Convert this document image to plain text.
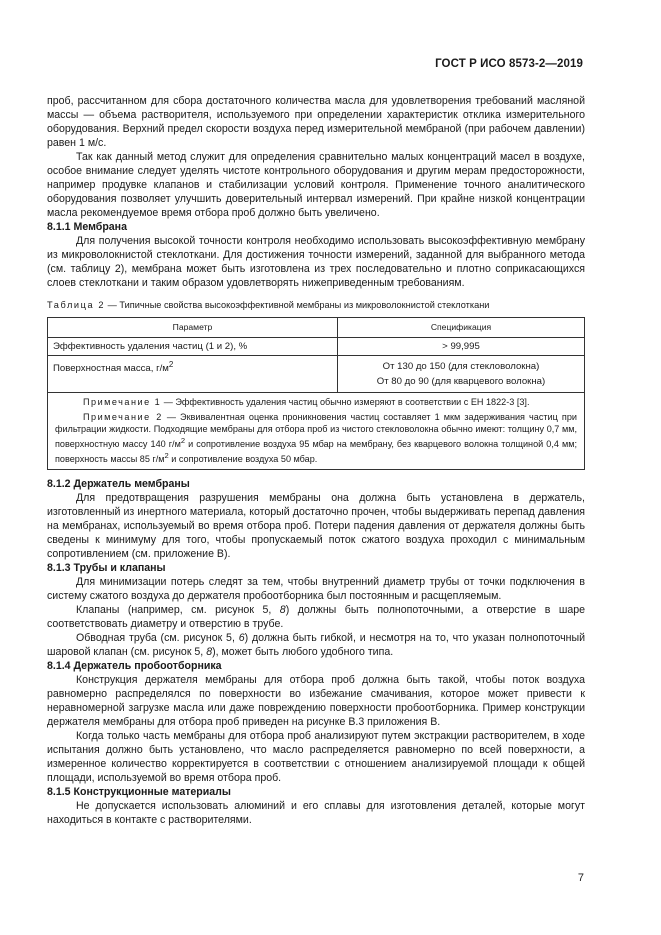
ГОСТ Р ИСО 8573-2—2019

проб, рассчитанном для сбора достаточного количества масла для удовлетворения требований масляной массы — объема растворителя, используемого при определении характеристик отклика измерительного оборудования. Верхний предел скорости воздуха перед измерительной мембраной (при рабочем давлении) равен 1 м/с.

Так как данный метод служит для определения сравнительно малых концентраций масел в воздухе, особое внимание следует уделять чистоте контрольного оборудования и другим мерам предосторожности, например продувке клапанов и стабилизации условий контроля. Применение точного аналитического оборудования позволяет улучшить доверительный интервал измерений. При крайне низкой концентрации масла рекомендуемое время отбора проб должно быть увеличено.

8.1.1 Мембрана

Для получения высокой точности контроля необходимо использовать высокоэффективную мембрану из микроволокнистой стеклоткани. Для достижения точности измерений, заданной для выбранного метода (см. таблицу 2), мембрана может быть изготовлена из трех последовательно и плотно соприкасающихся слоев стеклоткани и таким образом удовлетворять нижеприведенным требованиям.

Таблица 2 — Типичные свойства высокоэффективной мембраны из микроволокнистой стеклоткани

Параметр	Спецификация
Эффективность удаления частиц (1 и 2), %	> 99,995
Поверхностная масса, $г/м^2$	От 130 до 150 (для стекловолокна)
От 80 до 90 (для кварцевого волокна)

Примечание 1 — Эффективность удаления частиц обычно измеряют в соответствии с ЕН 1822-3 [3].
Примечание 2 — Эквивалентная оценка проникновения частиц составляет 1 мкм задерживания частиц при фильтрации жидкости. Подходящие мембраны для отбора проб из чистого стекловолокна обычно имеют: толщину 0,7 мм, поверхностную массу 140 $г/м^2$ и сопротивление воздуха 95 мбар на мембрану, без кварцевого волокна толщиной 0,4 мм; поверхность массы 85 $г/м^2$ и сопротивление воздуха 50 мбар.	

8.1.2 Держатель мембраны

Для предотвращения разрушения мембраны она должна быть установлена в держатель, изготовленный из инертного материала, который достаточно прочен, чтобы выдерживать перепад давления на мембранах, используемый во время отбора проб. Потери падения давления от держателя должны быть сведены к минимуму для того, чтобы пропускаемый поток сжатого воздуха проходил с минимальным сопротивлением (см. приложение В).

8.1.3 Трубы и клапаны

Для минимизации потерь следят за тем, чтобы внутренний диаметр трубы от точки подключения в систему сжатого воздуха до держателя пробоотборника был постоянным и расщепляемым.

Клапаны (например, см. рисунок 5, 8) должны быть полнопоточными, а отверстие в шаре соответствовать диаметру и отверстию в трубе.

Обводная труба (см. рисунок 5, 6) должна быть гибкой, и несмотря на то, что указан полнопоточный шаровой клапан (см. рисунок 5, 8), может быть любого удобного типа.

8.1.4 Держатель пробоотборника

Конструкция держателя мембраны для отбора проб должна быть такой, чтобы поток воздуха равномерно распределялся по поверхности во избежание смачивания, которое может привести к неравномерной загрузке масла или даже повреждению поверхности пробоотборника. Пример конструкции держателя мембраны для отбора проб приведен на рисунке В.3 приложения В.

Когда только часть мембраны для отбора проб анализируют путем экстракции растворителем, в ходе испытания должно быть установлено, что масло распределяется равномерно по всей поверхности, а измеренное количество корректируется в соответствии с отношением анализируемой площади к общей площади, используемой во время отбора проб.

8.1.5 Конструкционные материалы

Не допускается использовать алюминий и его сплавы для изготовления деталей, которые могут находиться в контакте с растворителями.

7
